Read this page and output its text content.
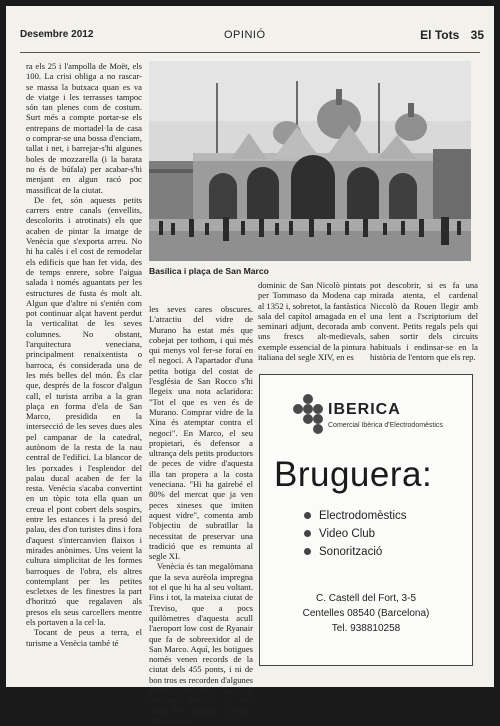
Desembre 2012	OPINIÓ	El Tots 35

ra els 25 i l'ampolla de Moët, els 100. La crisi obliga a no rascar-se massa la butxaca quan es va de viatge i les terrasses tampoc són tan plenes com de costum. Surt més a compte portar-se els entrepans de mortadel·la de casa o comprar-se una bossa d'enciam, tallat i net, i barrejar-s'hi algunes boles de mozzarella (i la barata no és de búfala) per acabar-s'hi menjant en algun racó poc massificat de la ciutat.

De fet, són aquests petits carrers entre canals (envellits, descolorits i atrotinats) els que acaben de pintar la imatge de Venècia que s'exporta arreu. No hi ha calés i el cost de remodelar els edificis que han fet vida, des de temps enrere, sobre l'aigua salada i només aguantats per les estructures de fusta és molt alt. Algun que d'altre ni s'entén com pot continuar alçat havent perdut la verticalitat de les seves columnes. No obstant, l'arquitectura veneciana, principalment renaixentista o barroca, és considerada una de les més belles del món. És clar que, després de la foscor d'algun call, el turista arriba a la gran plaça en forma d'ela de San Marco, presidida en la intersecció de les seves dues ales pel campanar de la catedral, autònom de la resta de la nau central de l'edifici. La blancor de les porxades i l'esplendor del palau ducal acaben de fer la resta. Venècia s'acaba convertint en un tòpic tota ella quan un creua el pont cobert dels sospirs, entre les estances i la presó del palau, des d'on turistes dins i fora d'aquest s'intercanvien flaixos i mirades anònimes. Uns veient la cultura simplicitat de les formes barroques de l'obra, els altres contemplant per les petites escletxes de les finestres la part d'horitzó que regalaven als presos els seus carcellers mentre els portaven a la cel·la.

Tocant de peus a terra, el turisme a Venècia també té

Basílica i plaça de San Marco

les seves cares obscures. L'atractiu del vidre de Murano ha estat més que cobejat per tothom, i qui més qui menys vol fer-se foraí en el negoci. A l'apartador d'una petita botiga del costat de l'església de San Rocco s'hi llegeix una nota aclaridora: "Tot el que es ven és de Murano. Comprar vidre de la Xina és atemptar contra el negoci". En Marco, el seu propietari, és defensor a ultrança dels petits productors de peces de vidre d'aquesta illa tan propera a la costa veneciana. "Hi ha gairebé el 80% del mercat que ja ven peces xineses que imiten aquest vidre", comenta amb l'objectiu de subratllar la necessitat de preservar una tradició que es remunta al segle XI.

Venècia és tan megalòmana que la seva aurèola impregna tot el que hi ha al seu voltant. Fins i tot, la mateixa ciutat de Treviso, que a pocs quilòmetres d'aquesta acull l'aeroport low cost de Ryanair que fa de sobreexidor al de San Marco. Aquí, les botigues només venen records de la ciutat dels 455 ponts, i ni de bon tros es recorden d'algunes petites meravelles que els trevisane tenen a la seva ciutat. Per exemple, els frescs del convent

dominic de San Nicolò pintats per Tommaso da Modena cap al 1352 i, sobretot, la fantàstica sala del capítol amagada en el seminari adjunt, decorada amb uns frescs alt-medievals, exemple essencial de la pintura italiana del segle XIV, en es

pot descobrir, si es fa una mirada atenta, el cardenal Niccolò da Rouen llegir amb una lent a l'scriptorium del convent. Petits regals pels qui saben sortir dels circuits habituals i endinsar-se en la història de l'entorn que els rep.

IBERICA
Comercial Ibèrica d'Electrodomèstics
Bruguera:
Electrodomèstics
Video Club
Sonorització
C. Castell del Fort, 3-5
Centelles 08540 (Barcelona)
Tel. 938810258
